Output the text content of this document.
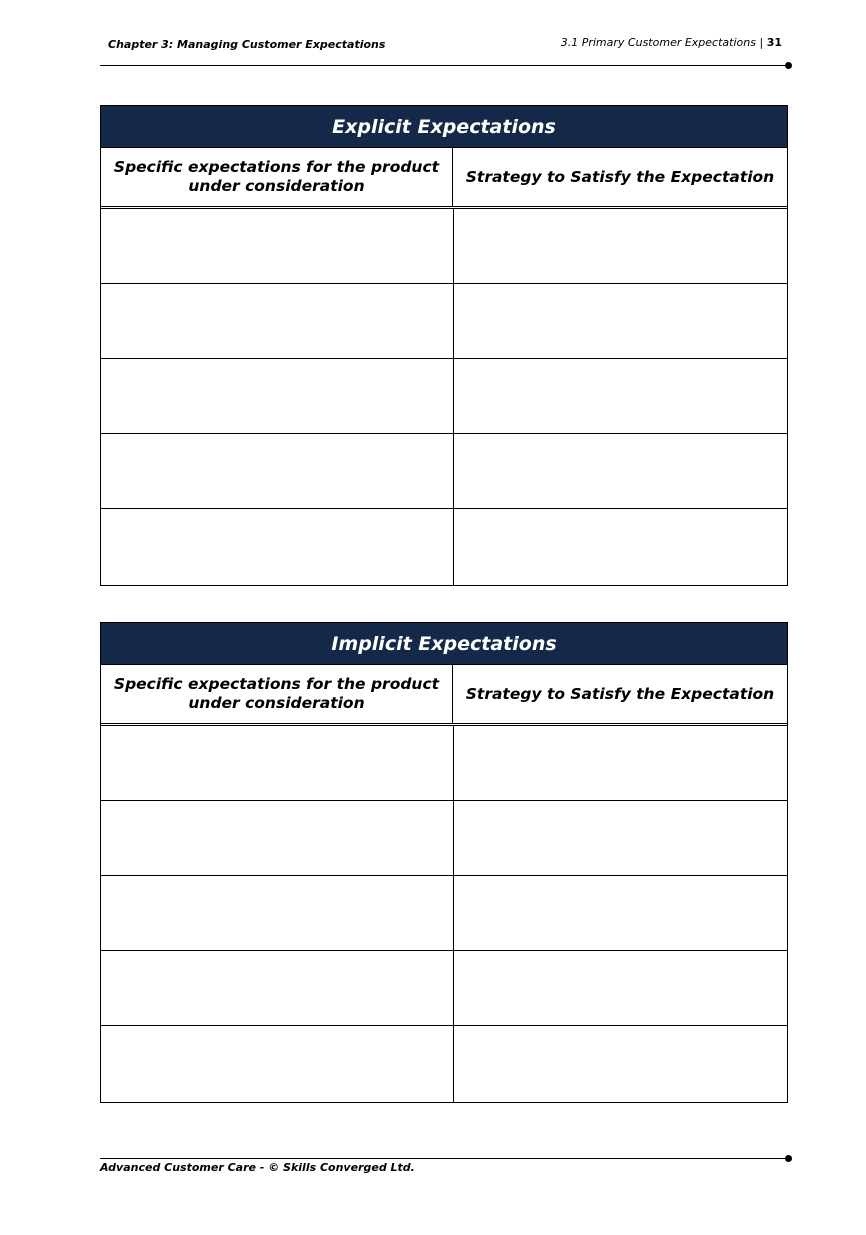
Chapter 3: Managing Customer Expectations	3.1 Primary Customer Expectations | 31
Explicit Expectations
Specific expectations for the product under consideration
Strategy to Satisfy the Expectation
Implicit Expectations
Specific expectations for the product under consideration
Strategy to Satisfy the Expectation
Advanced Customer Care - © Skills Converged Ltd.
